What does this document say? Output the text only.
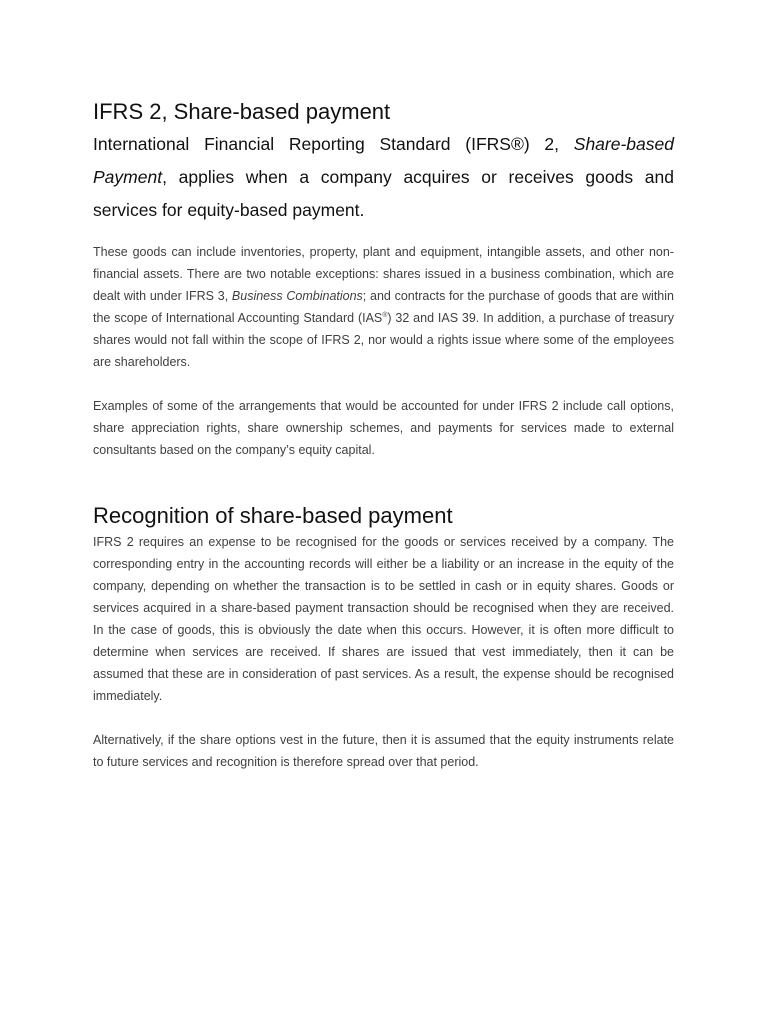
IFRS 2, Share-based payment

International Financial Reporting Standard (IFRS®) 2, Share-based Payment, applies when a company acquires or receives goods and services for equity-based payment.

These goods can include inventories, property, plant and equipment, intangible assets, and other non-financial assets. There are two notable exceptions: shares issued in a business combination, which are dealt with under IFRS 3, Business Combinations; and contracts for the purchase of goods that are within the scope of International Accounting Standard (IAS®) 32 and IAS 39. In addition, a purchase of treasury shares would not fall within the scope of IFRS 2, nor would a rights issue where some of the employees are shareholders.

Examples of some of the arrangements that would be accounted for under IFRS 2 include call options, share appreciation rights, share ownership schemes, and payments for services made to external consultants based on the company’s equity capital.

Recognition of share-based payment

IFRS 2 requires an expense to be recognised for the goods or services received by a company. The corresponding entry in the accounting records will either be a liability or an increase in the equity of the company, depending on whether the transaction is to be settled in cash or in equity shares. Goods or services acquired in a share-based payment transaction should be recognised when they are received. In the case of goods, this is obviously the date when this occurs. However, it is often more difficult to determine when services are received. If shares are issued that vest immediately, then it can be assumed that these are in consideration of past services. As a result, the expense should be recognised immediately.

Alternatively, if the share options vest in the future, then it is assumed that the equity instruments relate to future services and recognition is therefore spread over that period.
